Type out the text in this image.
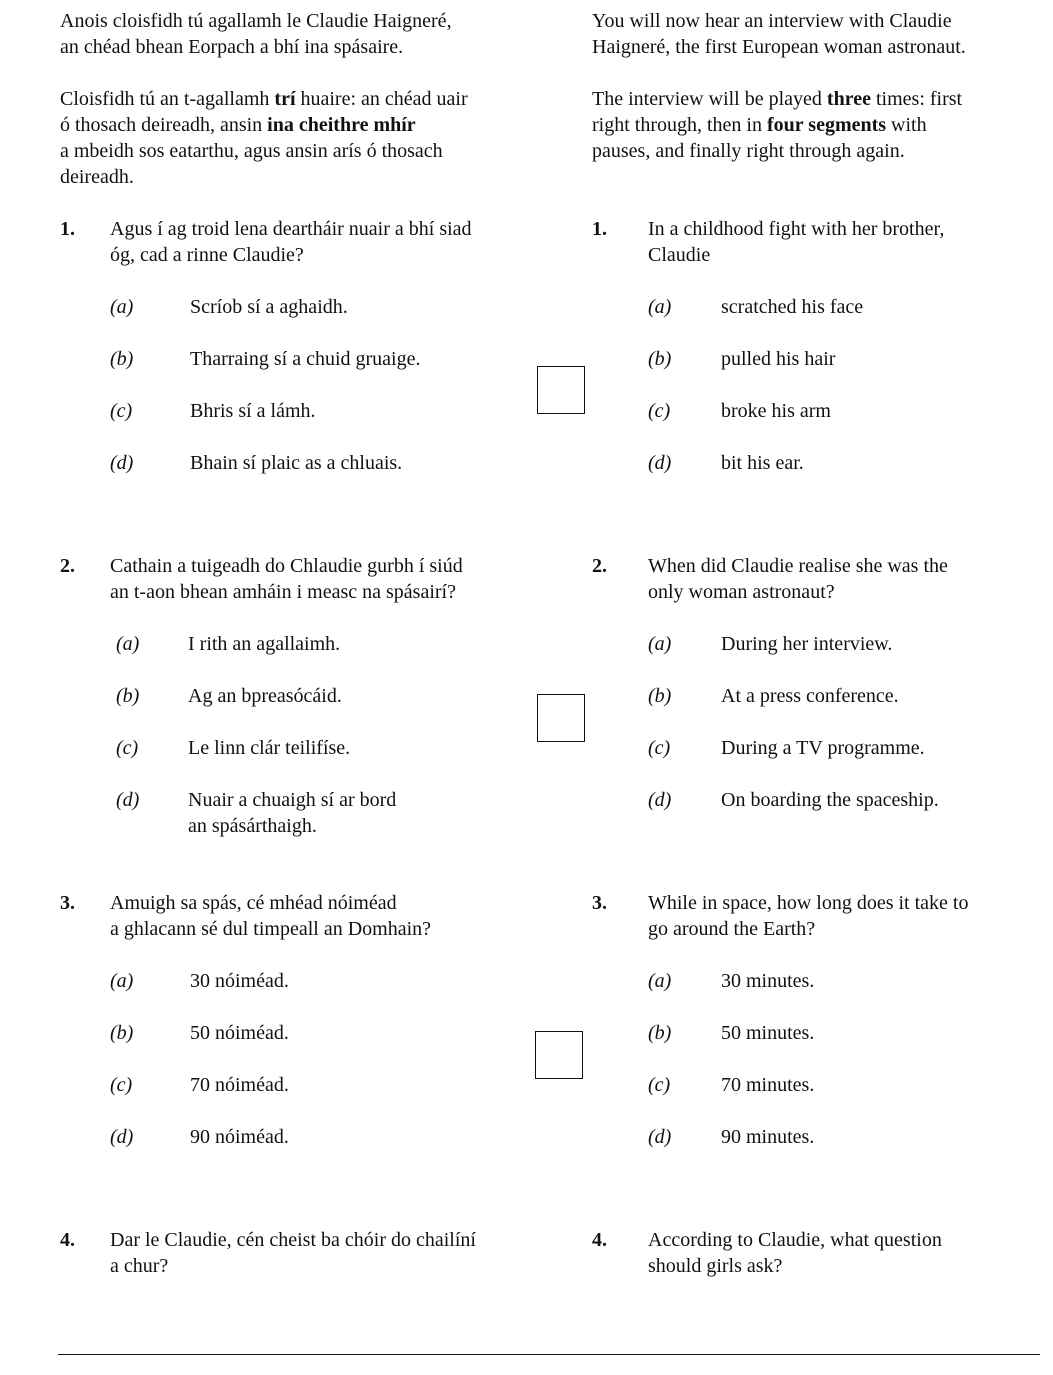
Anois cloisfidh tú agallamh le Claudie Haigneré,
an chéad bhean Eorpach a bhí ina spásaire.
Cloisfidh tú an t-agallamh trí huaire: an chéad uair
ó thosach deireadh, ansin ina cheithre mhír
a mbeidh sos eatarthu, agus ansin arís ó thosach
deireadh.
You will now hear an interview with Claudie
Haigneré, the first European woman astronaut.
The interview will be played three times: first
right through, then in four segments with
pauses, and finally right through again.
1. Agus í ag troid lena deartháir nuair a bhí siad
óg, cad a rinne Claudie?
1. In a childhood fight with her brother,
Claudie
(a)	Scríob sí a aghaidh.
(b)	Tharraing sí a chuid gruaige.
(c)	Bhris sí a lámh.
(d)	Bhain sí plaic as a chluais.
(a) scratched his face
(b) pulled his hair
(c)	broke his arm
(d) bit his ear.
2. Cathain a tuigeadh do Chlaudie gurbh í siúd
an t-aon bhean amháin i measc na spásairí?
2. When did Claudie realise she was the
only woman astronaut?
(a) I rith an agallaimh.
(b) Ag an bpreasócáid.
(c) Le linn clár teilifíse.
(d) Nuair a chuaigh sí ar bord
an spásárthaigh.
(a) During her interview.
(b) At a press conference.
(c)	During a TV programme.
(d) On boarding the spaceship.
3. Amuigh sa spás, cé mhéad nóiméad
a ghlacann sé dul timpeall an Domhain?
3. While in space, how long does it take to
go around the Earth?
(a)	30 nóiméad.
(b)	50 nóiméad.
(c)	70 nóiméad.
(d)	90 nóiméad.
(a) 30 minutes.
(b) 50 minutes.
(c)	70 minutes.
(d) 90 minutes.
4. Dar le Claudie, cén cheist ba chóir do chailíní
a chur?
4. According to Claudie, what question
should girls ask?
